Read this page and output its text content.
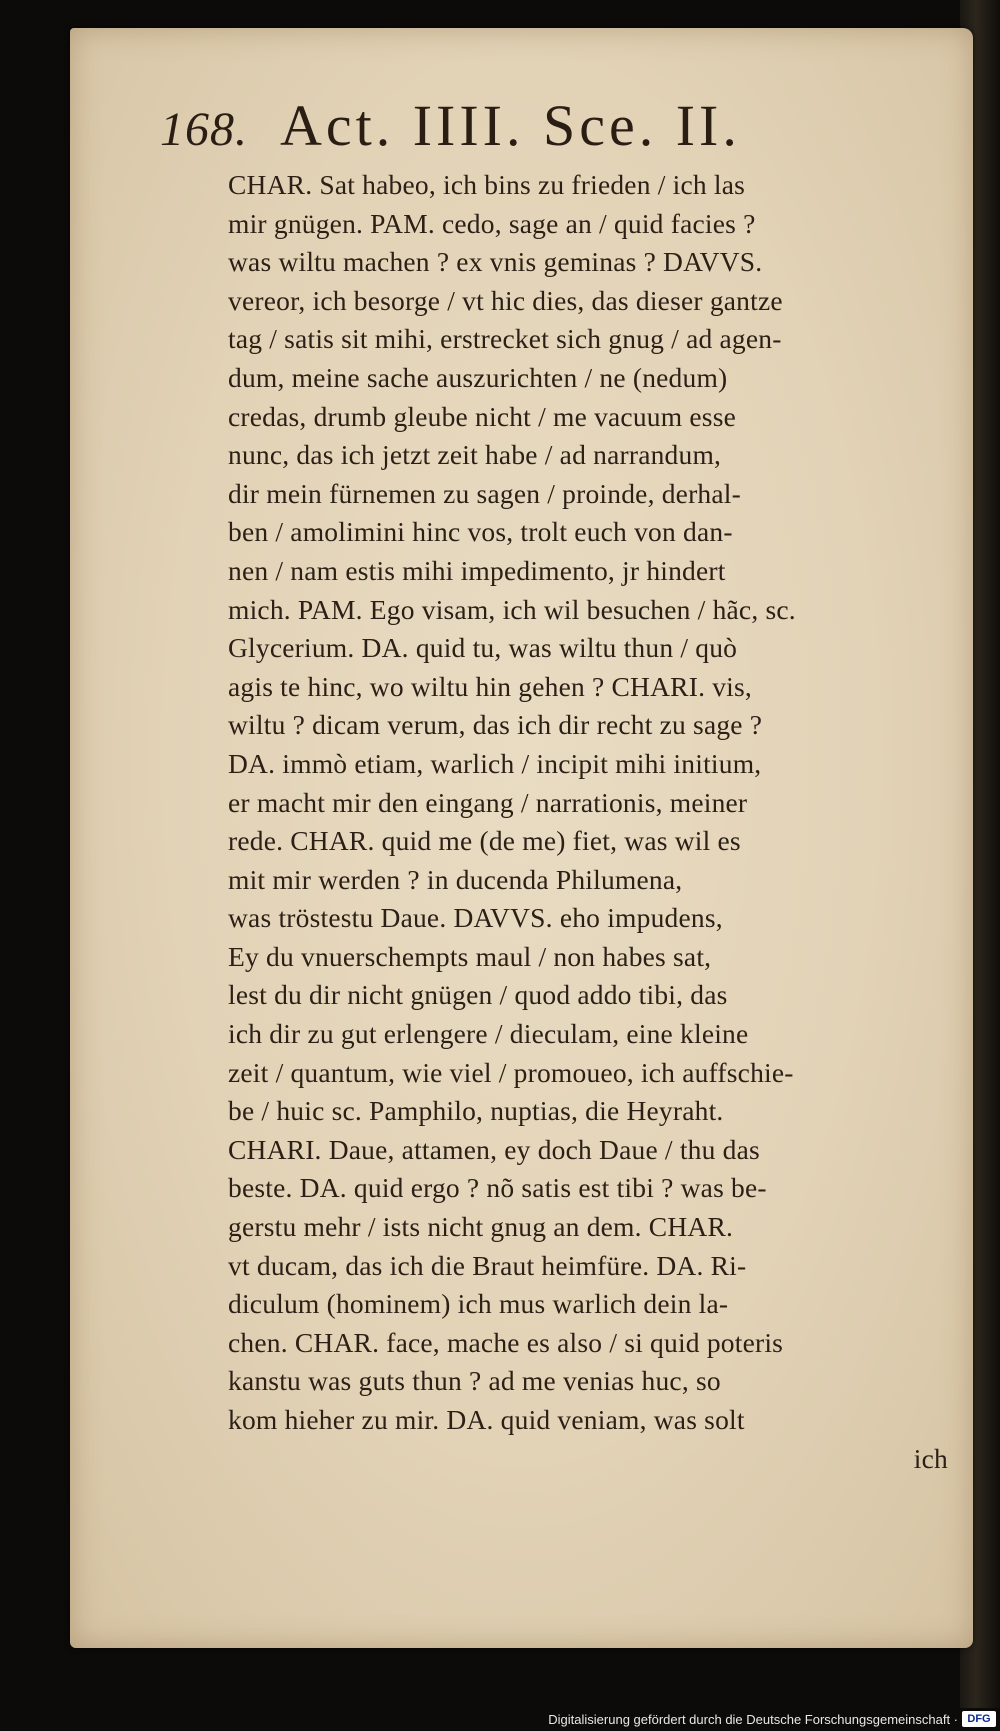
168. Act. IIII. Sce. II.
CHAR. Sat habeo, ich bins zu frieden / ich las
mir gnügen. PAM. cedo, sage an / quid facies ?
was wiltu machen ? ex vnis geminas ? DAVVS.
vereor, ich besorge / vt hic dies, das dieser gantze
tag / satis sit mihi, erstrecket sich gnug / ad agen-
dum, meine sache auszurichten / ne (nedum)
credas, drumb gleube nicht / me vacuum esse
nunc, das ich jetzt zeit habe / ad narrandum,
dir mein fürnemen zu sagen / proinde, derhal-
ben / amolimini hinc vos, trolt euch von dan-
nen / nam estis mihi impedimento, jr hindert
mich. PAM. Ego visam, ich wil besuchen / hãc, sc.
Glycerium. DA. quid tu, was wiltu thun / quò
agis te hinc, wo wiltu hin gehen ? CHARI. vis,
wiltu ? dicam verum, das ich dir recht zu sage ?
DA. immò etiam, warlich / incipit mihi initium,
er macht mir den eingang / narrationis, meiner
rede. CHAR. quid me (de me) fiet, was wil es
mit mir werden ? in ducenda Philumena,
was tröstestu Daue. DAVVS. eho impudens,
Ey du vnuerschempts maul / non habes sat,
lest du dir nicht gnügen / quod addo tibi, das
ich dir zu gut erlengere / dieculam, eine kleine
zeit / quantum, wie viel / promoueo, ich auffschie-
be / huic sc. Pamphilo, nuptias, die Heyraht.
CHARI. Daue, attamen, ey doch Daue / thu das
beste. DA. quid ergo ? nõ satis est tibi ? was be-
gerstu mehr / ists nicht gnug an dem. CHAR.
vt ducam, das ich die Braut heimfüre. DA. Ri-
diculum (hominem) ich mus warlich dein la-
chen. CHAR. face, mache es also / si quid poteris
kanstu was guts thun ? ad me venias huc, so
kom hieher zu mir. DA. quid veniam, was solt
ich
Digitalisierung gefördert durch die Deutsche Forschungsgemeinschaft · DFG
